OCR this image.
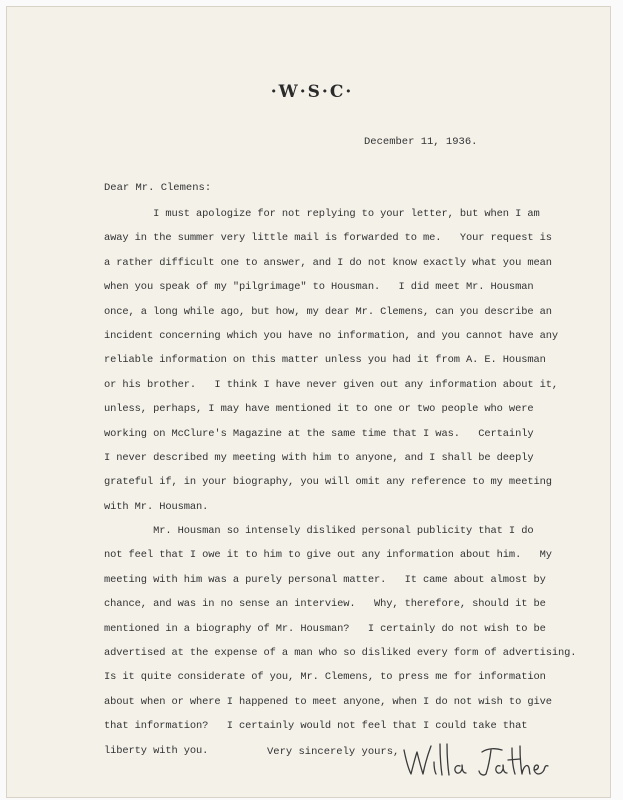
·W·S·C·
December 11, 1936.
Dear Mr. Clemens:
I must apologize for not replying to your letter, but when I am
away in the summer very little mail is forwarded to me.   Your request is
a rather difficult one to answer, and I do not know exactly what you mean
when you speak of my "pilgrimage" to Housman.   I did meet Mr. Housman
once, a long while ago, but how, my dear Mr. Clemens, can you describe an
incident concerning which you have no information, and you cannot have any
reliable information on this matter unless you had it from A. E. Housman
or his brother.   I think I have never given out any information about it,
unless, perhaps, I may have mentioned it to one or two people who were
working on McClure's Magazine at the same time that I was.   Certainly
I never described my meeting with him to anyone, and I shall be deeply
grateful if, in your biography, you will omit any reference to my meeting
with Mr. Housman.
Mr. Housman so intensely disliked personal publicity that I do
not feel that I owe it to him to give out any information about him.   My
meeting with him was a purely personal matter.   It came about almost by
chance, and was in no sense an interview.   Why, therefore, should it be
mentioned in a biography of Mr. Housman?   I certainly do not wish to be
advertised at the expense of a man who so disliked every form of advertising.
Is it quite considerate of you, Mr. Clemens, to press me for information
about when or where I happened to meet anyone, when I do not wish to give
that information?   I certainly would not feel that I could take that
liberty with you.	Very sincerely yours,
